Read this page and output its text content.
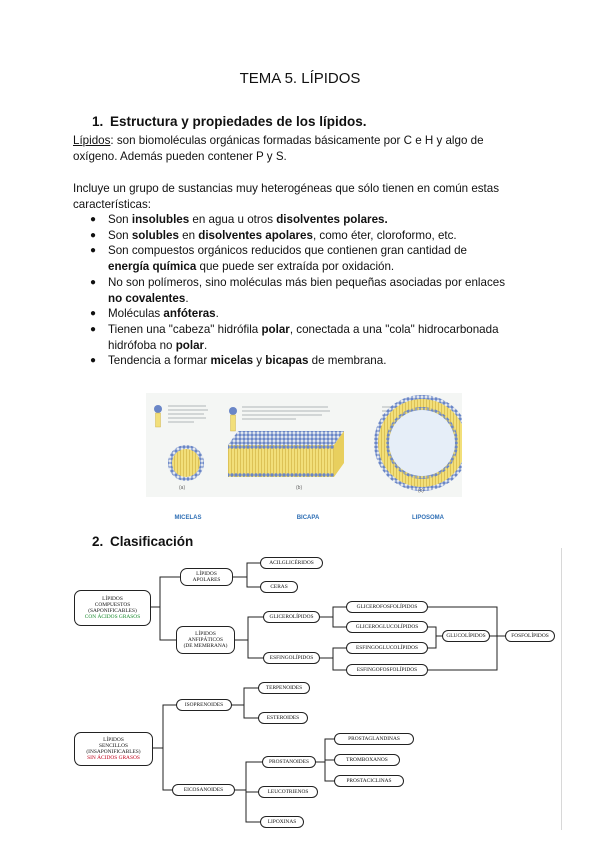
TEMA 5. LÍPIDOS
1. Estructura y propiedades de los lípidos.
Lípidos: son biomoléculas orgánicas formadas básicamente por C e H y algo de
oxígeno. Además pueden contener P y S.
Incluye un grupo de sustancias muy heterogéneas que sólo tienen en común estas
características:
● Son insolubles en agua u otros disolventes polares.
● Son solubles en disolventes apolares, como éter, cloroformo, etc.
● Son compuestos orgánicos reducidos que contienen gran cantidad de
energía química que puede ser extraída por oxidación.
● No son polímeros, sino moléculas más bien pequeñas asociadas por enlaces
no covalentes.
● Moléculas anfóteras.
● Tienen una "cabeza" hidrófila polar, conectada a una "cola" hidrocarbonada hidrófoba no polar.
● Tendencia a formar micelas y bicapas de membrana.
(a)	(b)	(c)
MICELAS	BICAPA	LIPOSOMA
2. Clasificación
LÍPIDOS
COMPUESTOS
(SAPONIFICABLES)
CON ÁCIDOS GRASOS
LÍPIDOS
APOLARES
LÍPIDOS
ANFIPÁTICOS
(DE MEMBRANA)
ACILGLICÉRIDOS
CERAS
GLICEROLÍPIDOS
ESFINGOLÍPIDOS
GLICEROFOSFOLÍPIDOS
GLICEROGLUCOLÍPIDOS
ESFINGOGLUCOLÍPIDOS
ESFINGOFOSFOLÍPIDOS
GLUCOLÍPIDOS	FOSFOLÍPIDOS
LÍPIDOS
SENCILLOS
(INSAPONIFICABLES)
SIN ÁCIDOS GRASOS
ISOPRENOIDES
TERPENOIDES
ESTEROIDES
EICOSANOIDES
PROSTANOIDES
LEUCOTRIENOS
LIPOXINAS
PROSTAGLANDINAS
TROMBOXANOS
PROSTACICLINAS
